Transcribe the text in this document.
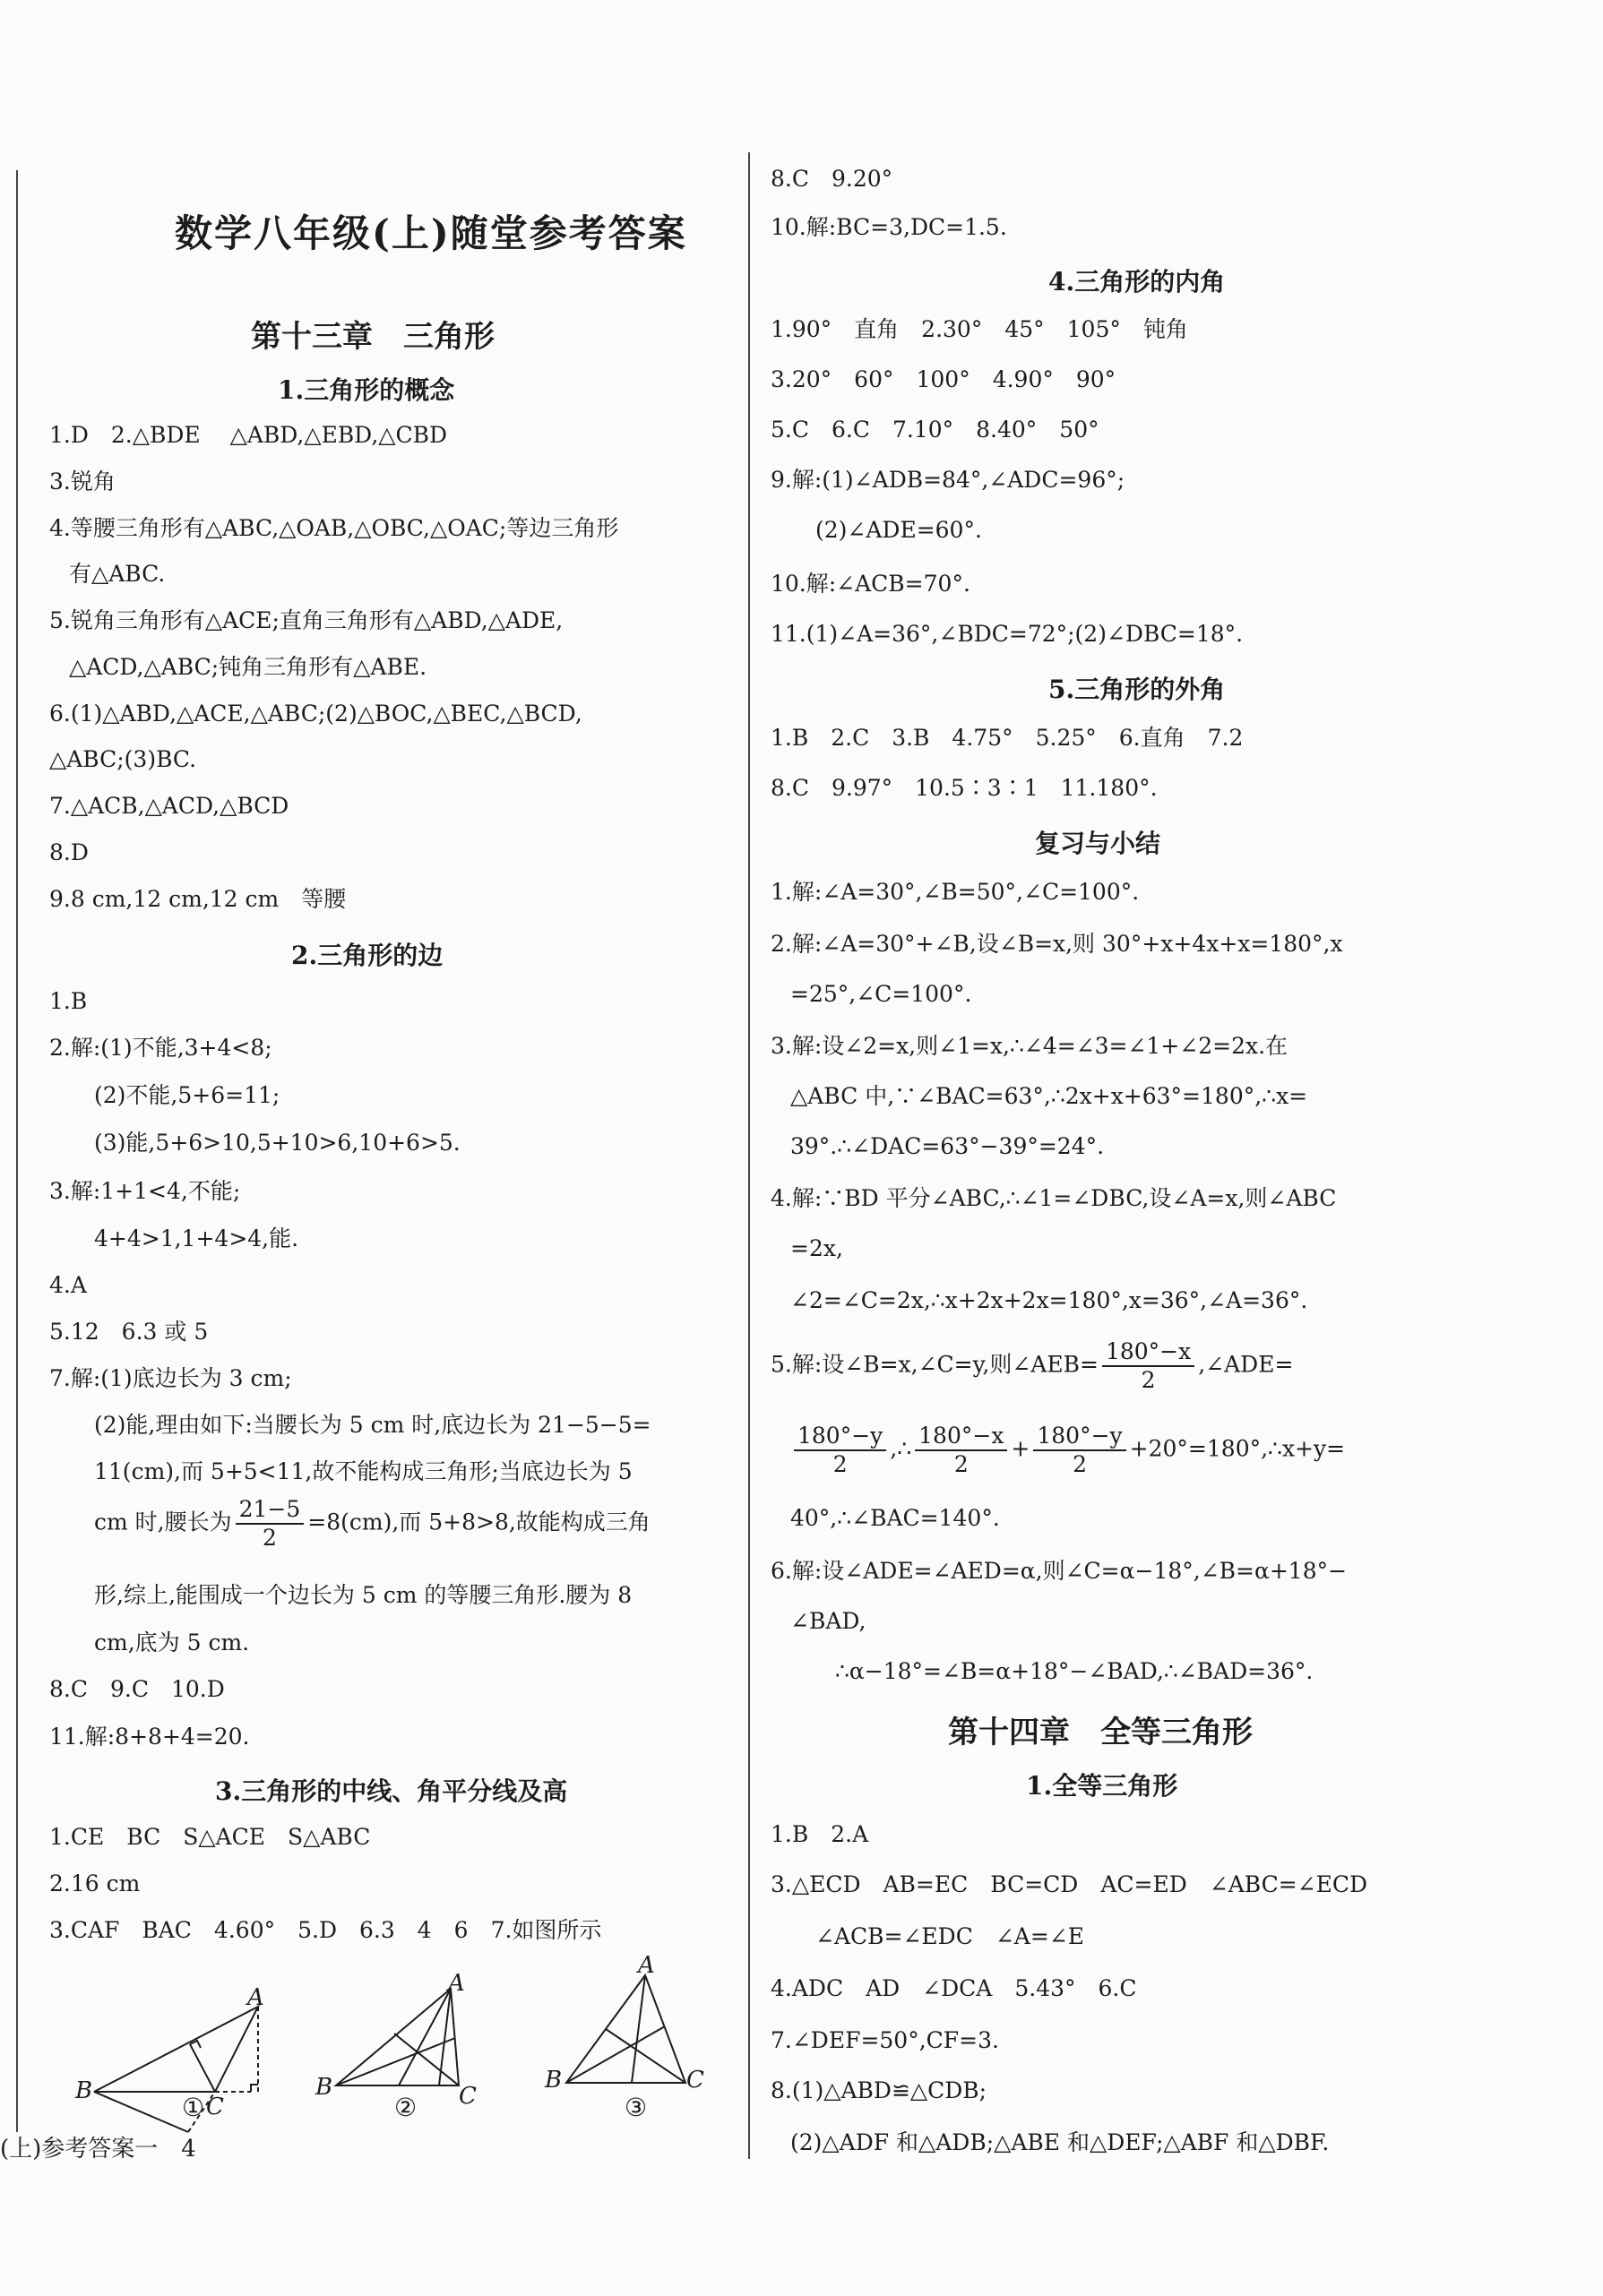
数学八年级(上)随堂参考答案
第十三章　三角形
1.三角形的概念
1.D　2.△BDE　 △ABD,△EBD,△CBD
3.锐角
4.等腰三角形有△ABC,△OAB,△OBC,△OAC;等边三角形
有△ABC.
5.锐角三角形有△ACE;直角三角形有△ABD,△ADE,
△ACD,△ABC;钝角三角形有△ABE.
6.(1)△ABD,△ACE,△ABC;(2)△BOC,△BEC,△BCD,
△ABC;(3)BC.
7.△ACB,△ACD,△BCD
8.D
9.8 cm,12 cm,12 cm　等腰
2.三角形的边
1.B
2.解:(1)不能,3+4<8;
(2)不能,5+6=11;
(3)能,5+6>10,5+10>6,10+6>5.
3.解:1+1<4,不能;
4+4>1,1+4>4,能.
4.A
5.12　6.3 或 5
7.解:(1)底边长为 3 cm;
(2)能,理由如下:当腰长为 5 cm 时,底边长为 21−5−5=
11(cm),而 5+5<11,故不能构成三角形;当底边长为 5
cm 时,腰长为 $\frac{21-5}{2} =8(cm)$,而 5+8>8,故能构成三角
形,综上,能围成一个边长为 5 cm 的等腰三角形.腰为 8
cm,底为 5 cm.
8.C　9.C　10.D
11.解:8+8+4=20.
3.三角形的中线、角平分线及高
1.CE　BC　S△ACE　S△ABC
2.16 cm
3.CAF　BAC　4.60°　5.D　6.3　4　6　7.如图所示
A
B
C
A
B	C
A
B	C
①	②	③
8.C　9.20°
10.解:BC=3,DC=1.5.
4.三角形的内角
1.90°　直角　2.30°　45°　105°　钝角
3.20°　60°　100°　4.90°　90°
5.C　6.C　7.10°　8.40°　50°
9.解:(1)∠ADB=84°,∠ADC=96°;
(2)∠ADE=60°.
10.解:∠ACB=70°.
11.(1)∠A=36°,∠BDC=72°;(2)∠DBC=18°.
5.三角形的外角
1.B　2.C　3.B　4.75°　5.25°　6.直角　7.2
8.C　9.97°　10.5∶3∶1　11.180°.
复习与小结
1.解:∠A=30°,∠B=50°,∠C=100°.
2.解:∠A=30°+∠B,设∠B=x,则 30°+x+4x+x=180°,x
=25°,∠C=100°.
3.解:设∠2=x,则∠1=x,∴∠4=∠3=∠1+∠2=2x.在
△ABC 中,∵∠BAC=63°,∴2x+x+63°=180°,∴x=
39°.∴∠DAC=63°−39°=24°.
4.解:∵BD 平分∠ABC,∴∠1=∠DBC,设∠A=x,则∠ABC
=2x,
∠2=∠C=2x,∴x+2x+2x=180°,x=36°,∠A=36°.
5.解:设∠B=x,∠C=y,则∠AEB= $\frac{180^\circ-x}{2}$ ,∠ADE=
$\frac{180^\circ-y}{2}$ ,∴ $\frac{180^\circ-x}{2} + \frac{180^\circ-y}{2}$ +20°=180°,∴x+y=
40°,∴∠BAC=140°.
6.解:设∠ADE=∠AED=α,则∠C=α−18°,∠B=α+18°−
∠BAD,
∴α−18°=∠B=α+18°−∠BAD,∴∠BAD=36°.
第十四章　全等三角形
1.全等三角形
1.B　2.A
3.△ECD　AB=EC　BC=CD　AC=ED　∠ABC=∠ECD
∠ACB=∠EDC　∠A=∠E
4.ADC　AD　∠DCA　5.43°　6.C
7.∠DEF=50°,CF=3.
8.(1)△ABD≌△CDB;
(2)△ADF 和△ADB;△ABE 和△DEF;△ABF 和△DBF.
(上)参考答案一　4
